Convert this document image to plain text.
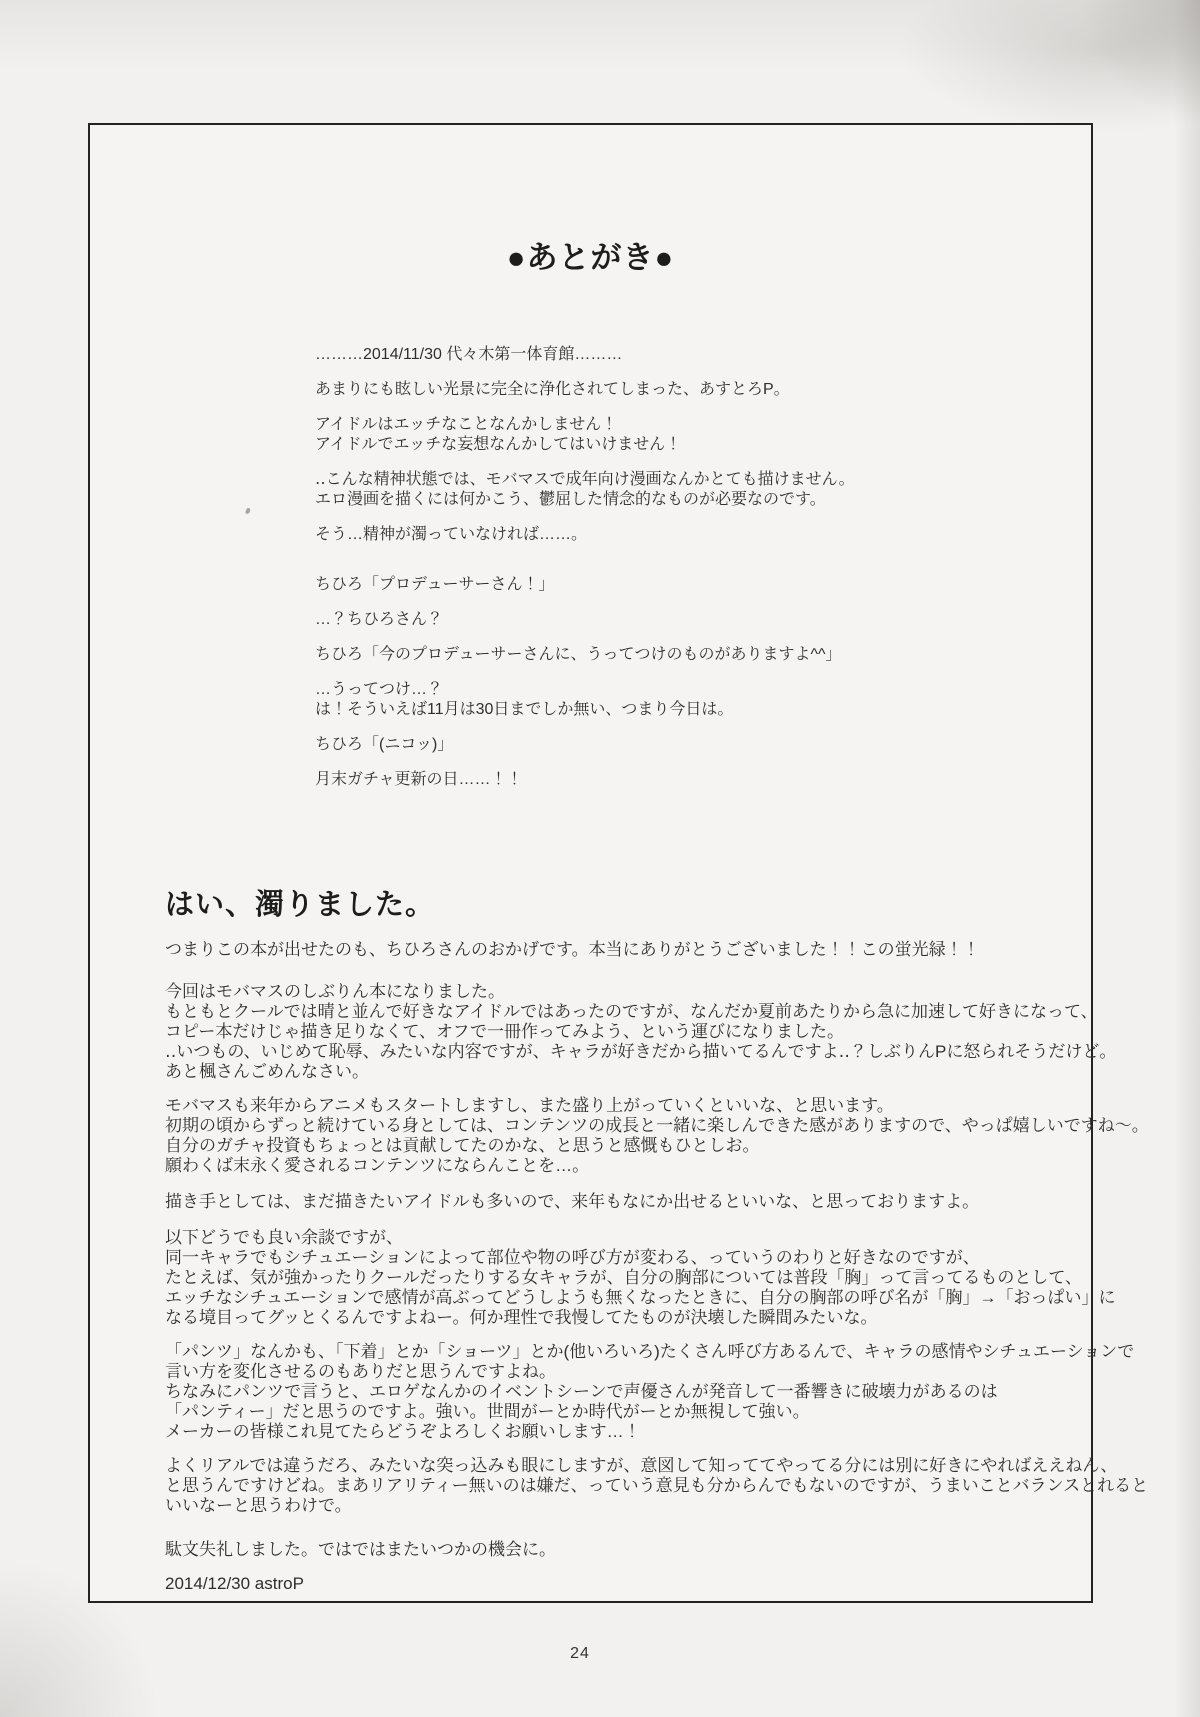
●あとがき●
………2014/11/30 代々木第一体育館………
あまりにも眩しい光景に完全に浄化されてしまった、あすとろP。
アイドルはエッチなことなんかしません！
アイドルでエッチな妄想なんかしてはいけません！
‥こんな精神状態では、モバマスで成年向け漫画なんかとても描けません。
エロ漫画を描くには何かこう、鬱屈した情念的なものが必要なのです。
そう…精神が濁っていなければ……。
ちひろ「プロデューサーさん！」
…？ちひろさん？
ちひろ「今のプロデューサーさんに、うってつけのものがありますよ^^」
…うってつけ…？
は！そういえば11月は30日までしか無い、つまり今日は。
ちひろ「(ニコッ)」
月末ガチャ更新の日……！！
はい、濁りました。
つまりこの本が出せたのも、ちひろさんのおかげです。本当にありがとうございました！！この蛍光緑！！
今回はモバマスのしぶりん本になりました。
もともとクールでは晴と並んで好きなアイドルではあったのですが、なんだか夏前あたりから急に加速して好きになって、
コピー本だけじゃ描き足りなくて、オフで一冊作ってみよう、という運びになりました。
‥いつもの、いじめて恥辱、みたいな内容ですが、キャラが好きだから描いてるんですよ‥？しぶりんPに怒られそうだけど。
あと楓さんごめんなさい。
モバマスも来年からアニメもスタートしますし、また盛り上がっていくといいな、と思います。
初期の頃からずっと続けている身としては、コンテンツの成長と一緒に楽しんできた感がありますので、やっぱ嬉しいですね～。
自分のガチャ投資もちょっとは貢献してたのかな、と思うと感慨もひとしお。
願わくば末永く愛されるコンテンツにならんことを…。
描き手としては、まだ描きたいアイドルも多いので、来年もなにか出せるといいな、と思っておりますよ。
以下どうでも良い余談ですが、
同一キャラでもシチュエーションによって部位や物の呼び方が変わる、っていうのわりと好きなのですが、
たとえば、気が強かったりクールだったりする女キャラが、自分の胸部については普段「胸」って言ってるものとして、
エッチなシチュエーションで感情が高ぶってどうしようも無くなったときに、自分の胸部の呼び名が「胸」→「おっぱい」に
なる境目ってグッとくるんですよねー。何か理性で我慢してたものが決壊した瞬間みたいな。
「パンツ」なんかも、「下着」とか「ショーツ」とか(他いろいろ)たくさん呼び方あるんで、キャラの感情やシチュエーションで
言い方を変化させるのもありだと思うんですよね。
ちなみにパンツで言うと、エロゲなんかのイベントシーンで声優さんが発音して一番響きに破壊力があるのは
「パンティー」だと思うのですよ。強い。世間がーとか時代がーとか無視して強い。
メーカーの皆様これ見てたらどうぞよろしくお願いします…！
よくリアルでは違うだろ、みたいな突っ込みも眼にしますが、意図して知っててやってる分には別に好きにやればええねん、
と思うんですけどね。まあリアリティー無いのは嫌だ、っていう意見も分からんでもないのですが、うまいことバランスとれると
いいなーと思うわけで。
駄文失礼しました。ではではまたいつかの機会に。
2014/12/30 astroP
24
